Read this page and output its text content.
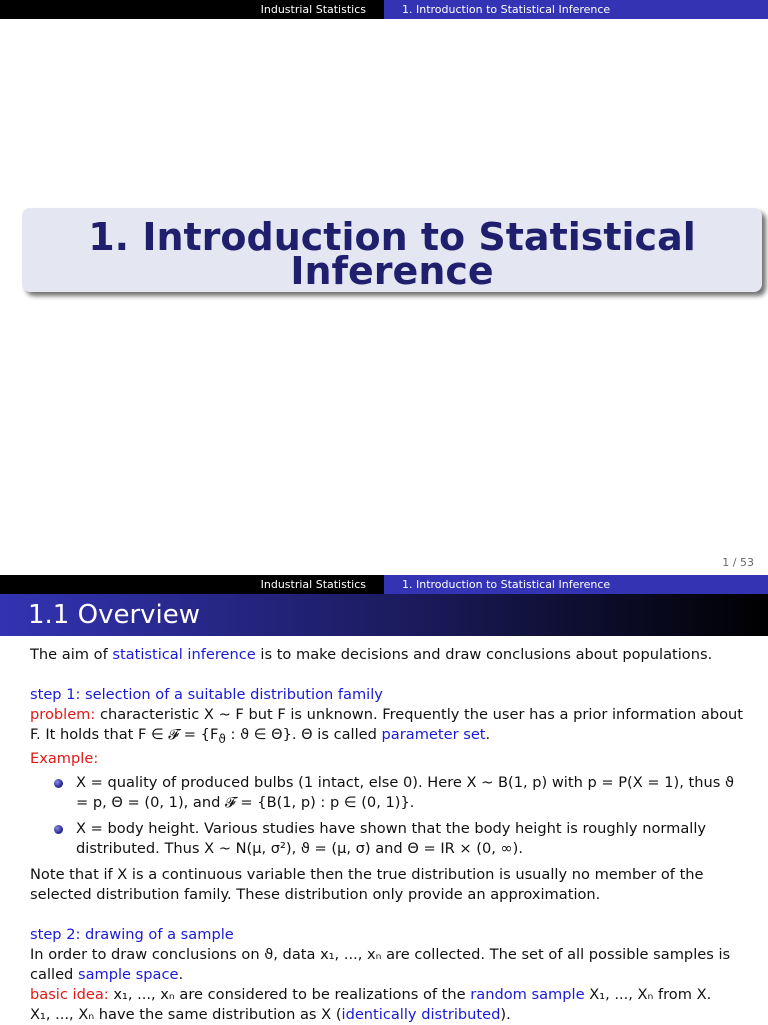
Industrial Statistics	1. Introduction to Statistical Inference
1. Introduction to Statistical
Inference
1 / 53
Industrial Statistics	1. Introduction to Statistical Inference
1.1 Overview
The aim of statistical inference is to make decisions and draw conclusions about populations.
step 1: selection of a suitable distribution family
problem: characteristic X ∼ F but F is unknown. Frequently the user has a prior information about F. It holds that F ∈ 𝓕 = {$F_ϑ$ : ϑ ∈ Θ}. Θ is called parameter set.
Example:
X = quality of produced bulbs (1 intact, else 0). Here X ∼ B(1, p) with p = P(X = 1), thus ϑ = p, Θ = (0, 1), and 𝓕 = {B(1, p) : p ∈ (0, 1)}.
X = body height. Various studies have shown that the body height is roughly normally distributed. Thus X ∼ N(μ, σ²), ϑ = (μ, σ) and Θ = IR × (0, ∞).
Note that if X is a continuous variable then the true distribution is usually no member of the selected distribution family. These distribution only provide an approximation.
step 2: drawing of a sample
In order to draw conclusions on ϑ, data x₁, ..., xₙ are collected. The set of all possible samples is called sample space.
basic idea: x₁, ..., xₙ are considered to be realizations of the random sample X₁, ..., Xₙ from X.
X₁, ..., Xₙ have the same distribution as X (identically distributed).
